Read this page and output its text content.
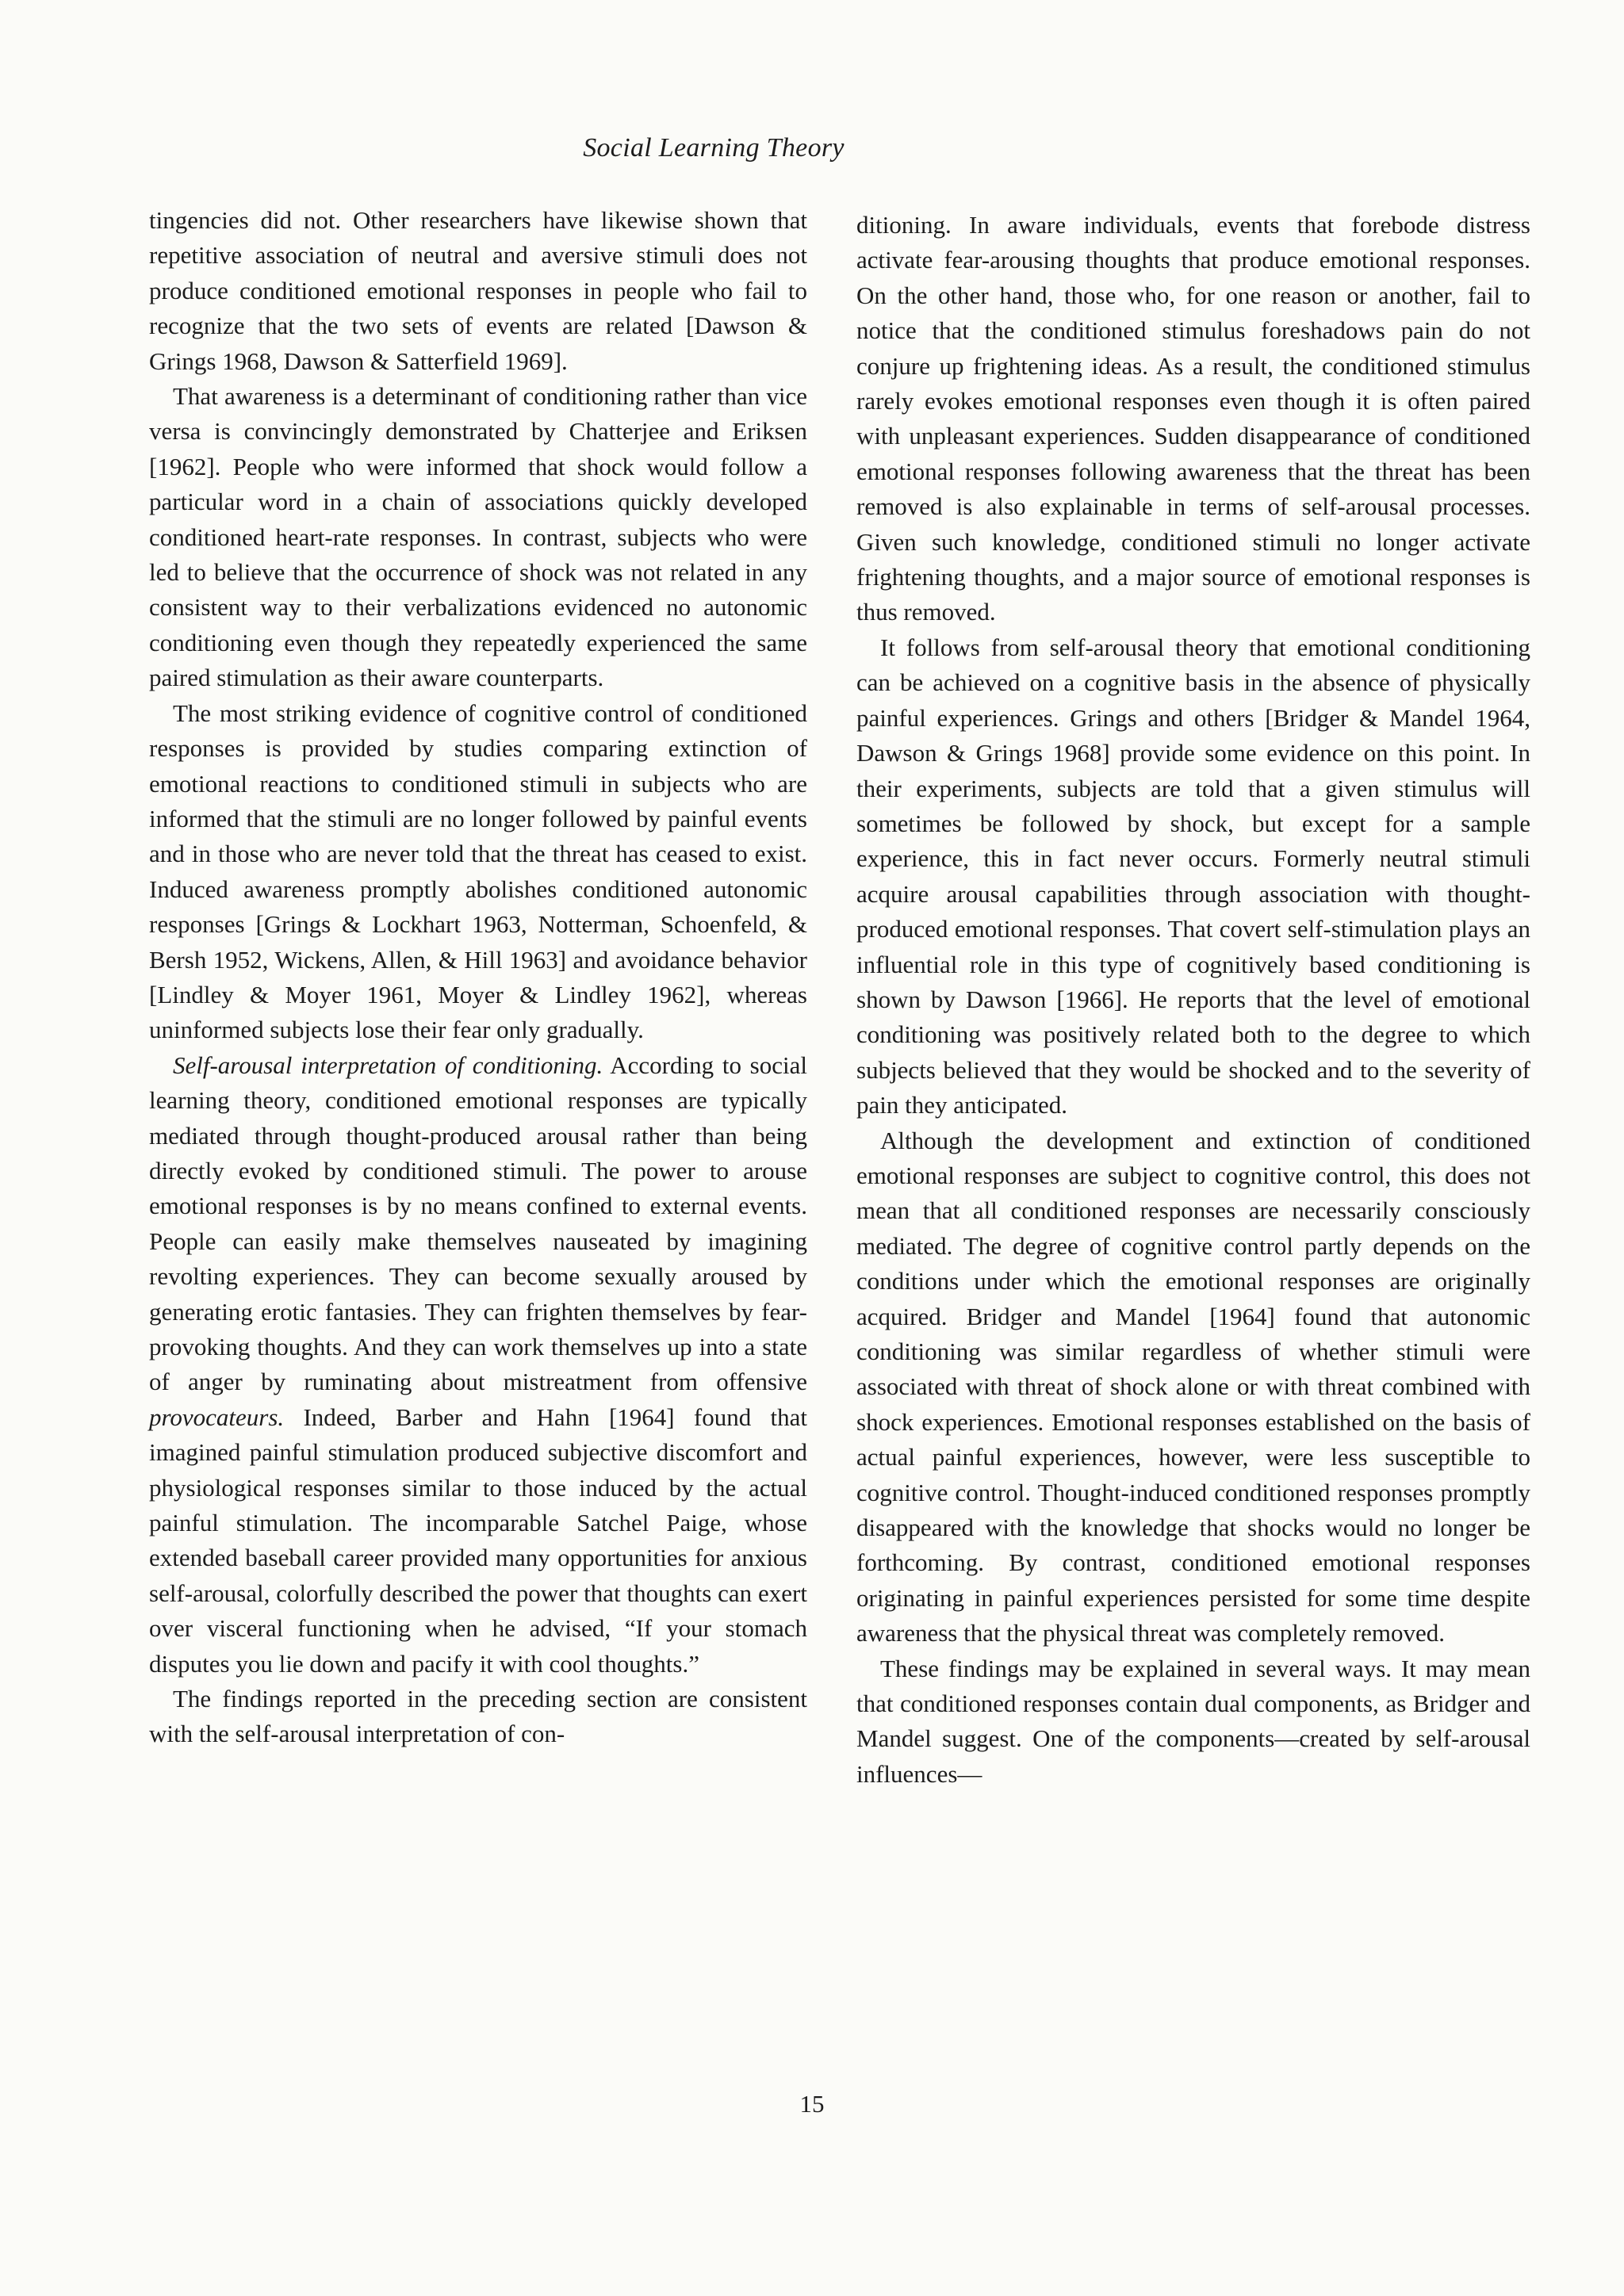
Social Learning Theory

tingencies did not. Other researchers have likewise shown that repetitive association of neutral and aversive stimuli does not produce conditioned emotional responses in people who fail to recognize that the two sets of events are related [Dawson & Grings 1968, Dawson & Satterfield 1969].

That awareness is a determinant of conditioning rather than vice versa is convincingly demonstrated by Chatterjee and Eriksen [1962]. People who were informed that shock would follow a particular word in a chain of associations quickly developed conditioned heart-rate responses. In contrast, subjects who were led to believe that the occurrence of shock was not related in any consistent way to their verbalizations evidenced no autonomic conditioning even though they repeatedly experienced the same paired stimulation as their aware counterparts.

The most striking evidence of cognitive control of conditioned responses is provided by studies comparing extinction of emotional reactions to conditioned stimuli in subjects who are informed that the stimuli are no longer followed by painful events and in those who are never told that the threat has ceased to exist. Induced awareness promptly abolishes conditioned autonomic responses [Grings & Lockhart 1963, Notterman, Schoenfeld, & Bersh 1952, Wickens, Allen, & Hill 1963] and avoidance behavior [Lindley & Moyer 1961, Moyer & Lindley 1962], whereas uninformed subjects lose their fear only gradually.

Self-arousal interpretation of conditioning. According to social learning theory, conditioned emotional responses are typically mediated through thought-produced arousal rather than being directly evoked by conditioned stimuli. The power to arouse emotional responses is by no means confined to external events. People can easily make themselves nauseated by imagining revolting experiences. They can become sexually aroused by generating erotic fantasies. They can frighten themselves by fear-provoking thoughts. And they can work themselves up into a state of anger by ruminating about mistreatment from offensive provocateurs. Indeed, Barber and Hahn [1964] found that imagined painful stimulation produced subjective discomfort and physiological responses similar to those induced by the actual painful stimulation. The incomparable Satchel Paige, whose extended baseball career provided many opportunities for anxious self-arousal, colorfully described the power that thoughts can exert over visceral functioning when he advised, “If your stomach disputes you lie down and pacify it with cool thoughts.”

The findings reported in the preceding section are consistent with the self-arousal interpretation of con-

ditioning. In aware individuals, events that forebode distress activate fear-arousing thoughts that produce emotional responses. On the other hand, those who, for one reason or another, fail to notice that the conditioned stimulus foreshadows pain do not conjure up frightening ideas. As a result, the conditioned stimulus rarely evokes emotional responses even though it is often paired with unpleasant experiences. Sudden disappearance of conditioned emotional responses following awareness that the threat has been removed is also explainable in terms of self-arousal processes. Given such knowledge, conditioned stimuli no longer activate frightening thoughts, and a major source of emotional responses is thus removed.

It follows from self-arousal theory that emotional conditioning can be achieved on a cognitive basis in the absence of physically painful experiences. Grings and others [Bridger & Mandel 1964, Dawson & Grings 1968] provide some evidence on this point. In their experiments, subjects are told that a given stimulus will sometimes be followed by shock, but except for a sample experience, this in fact never occurs. Formerly neutral stimuli acquire arousal capabilities through association with thought-produced emotional responses. That covert self-stimulation plays an influential role in this type of cognitively based conditioning is shown by Dawson [1966]. He reports that the level of emotional conditioning was positively related both to the degree to which subjects believed that they would be shocked and to the severity of pain they anticipated.

Although the development and extinction of conditioned emotional responses are subject to cognitive control, this does not mean that all conditioned responses are necessarily consciously mediated. The degree of cognitive control partly depends on the conditions under which the emotional responses are originally acquired. Bridger and Mandel [1964] found that autonomic conditioning was similar regardless of whether stimuli were associated with threat of shock alone or with threat combined with shock experiences. Emotional responses established on the basis of actual painful experiences, however, were less susceptible to cognitive control. Thought-induced conditioned responses promptly disappeared with the knowledge that shocks would no longer be forthcoming. By contrast, conditioned emotional responses originating in painful experiences persisted for some time despite awareness that the physical threat was completely removed.

These findings may be explained in several ways. It may mean that conditioned responses contain dual components, as Bridger and Mandel suggest. One of the components—created by self-arousal influences—

15
